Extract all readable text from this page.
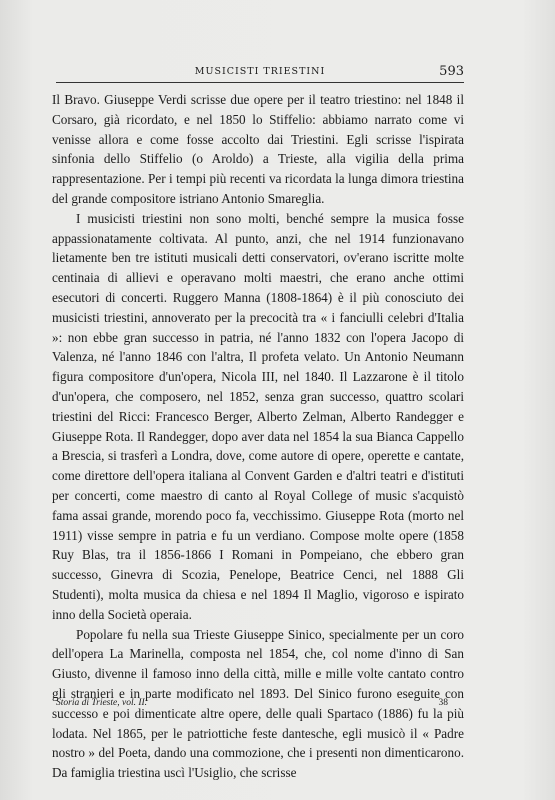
MUSICISTI TRIESTINI	593

Il Bravo. Giuseppe Verdi scrisse due opere per il teatro triestino: nel 1848 il Corsaro, già ricordato, e nel 1850 lo Stiffelio: abbiamo narrato come vi venisse allora e come fosse accolto dai Triestini. Egli scrisse l'ispirata sinfonia dello Stiffelio (o Aroldo) a Trieste, alla vigilia della prima rappresentazione. Per i tempi più recenti va ricordata la lunga dimora triestina del grande compositore istriano Antonio Smareglia.

I musicisti triestini non sono molti, benché sempre la musica fosse appassionatamente coltivata. Al punto, anzi, che nel 1914 funzionavano lietamente ben tre istituti musicali detti conservatori, ov'erano iscritte molte centinaia di allievi e operavano molti maestri, che erano anche ottimi esecutori di concerti. Ruggero Manna (1808-1864) è il più conosciuto dei musicisti triestini, annoverato per la precocità tra « i fanciulli celebri d'Italia »: non ebbe gran successo in patria, né l'anno 1832 con l'opera Jacopo di Valenza, né l'anno 1846 con l'altra, Il profeta velato. Un Antonio Neumann figura compositore d'un'opera, Nicola III, nel 1840. Il Lazzarone è il titolo d'un'opera, che composero, nel 1852, senza gran successo, quattro scolari triestini del Ricci: Francesco Berger, Alberto Zelman, Alberto Randegger e Giuseppe Rota. Il Randegger, dopo aver data nel 1854 la sua Bianca Cappello a Brescia, si trasferì a Londra, dove, come autore di opere, operette e cantate, come direttore dell'opera italiana al Convent Garden e d'altri teatri e d'istituti per concerti, come maestro di canto al Royal College of music s'acquistò fama assai grande, morendo poco fa, vecchissimo. Giuseppe Rota (morto nel 1911) visse sempre in patria e fu un verdiano. Compose molte opere (1858 Ruy Blas, tra il 1856-1866 I Romani in Pompeiano, che ebbero gran successo, Ginevra di Scozia, Penelope, Beatrice Cenci, nel 1888 Gli Studenti), molta musica da chiesa e nel 1894 Il Maglio, vigoroso e ispirato inno della Società operaia.

Popolare fu nella sua Trieste Giuseppe Sinico, specialmente per un coro dell'opera La Marinella, composta nel 1854, che, col nome d'inno di San Giusto, divenne il famoso inno della città, mille e mille volte cantato contro gli stranieri e in parte modificato nel 1893. Del Sinico furono eseguite con successo e poi dimenticate altre opere, delle quali Spartaco (1886) fu la più lodata. Nel 1865, per le patriottiche feste dantesche, egli musicò il « Padre nostro » del Poeta, dando una commozione, che i presenti non dimenticarono. Da famiglia triestina uscì l'Usiglio, che scrisse

Storia di Trieste, vol. II.	38
